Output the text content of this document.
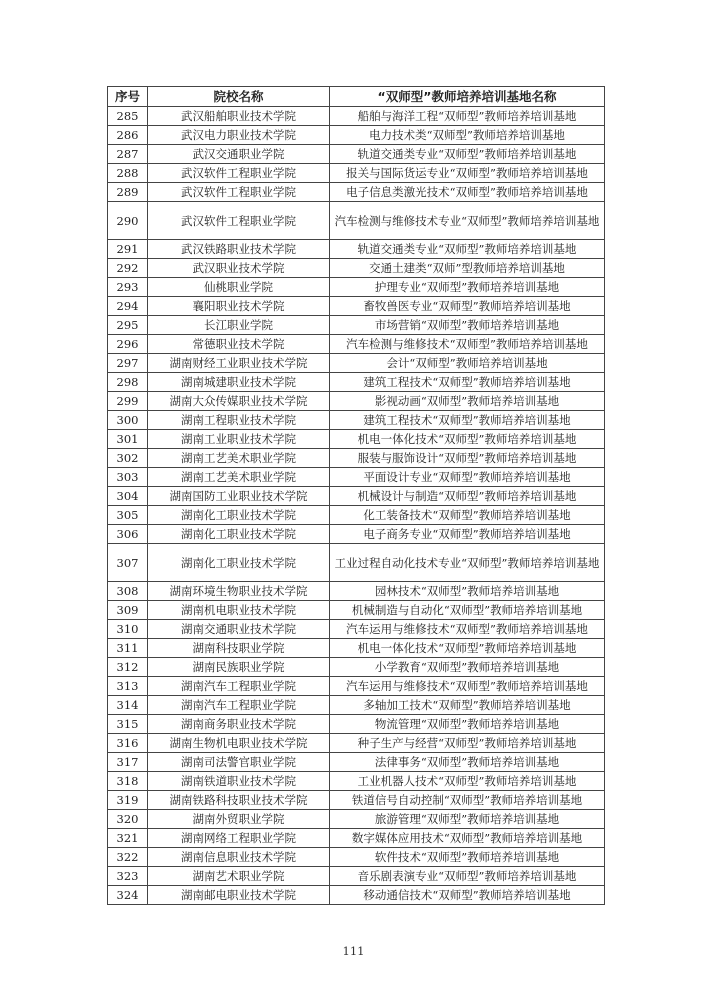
序号	院校名称	“双师型”教师培养培训基地名称
285	武汉船舶职业技术学院	船舶与海洋工程“双师型”教师培养培训基地
286	武汉电力职业技术学院	电力技术类“双师型”教师培养培训基地
287	武汉交通职业学院	轨道交通类专业“双师型”教师培养培训基地
288	武汉软件工程职业学院	报关与国际货运专业“双师型”教师培养培训基地
289	武汉软件工程职业学院	电子信息类激光技术“双师型”教师培养培训基地
290	武汉软件工程职业学院	汽车检测与维修技术专业“双师型”教师培养培训基地
291	武汉铁路职业技术学院	轨道交通类专业“双师型”教师培养培训基地
292	武汉职业技术学院	交通土建类“双师”型教师培养培训基地
293	仙桃职业学院	护理专业“双师型”教师培养培训基地
294	襄阳职业技术学院	畜牧兽医专业“双师型”教师培养培训基地
295	长江职业学院	市场营销“双师型”教师培养培训基地
296	常德职业技术学院	汽车检测与维修技术“双师型”教师培养培训基地
297	湖南财经工业职业技术学院	会计“双师型”教师培养培训基地
298	湖南城建职业技术学院	建筑工程技术“双师型”教师培养培训基地
299	湖南大众传媒职业技术学院	影视动画“双师型”教师培养培训基地
300	湖南工程职业技术学院	建筑工程技术“双师型”教师培养培训基地
301	湖南工业职业技术学院	机电一体化技术“双师型”教师培养培训基地
302	湖南工艺美术职业学院	服装与服饰设计“双师型”教师培养培训基地
303	湖南工艺美术职业学院	平面设计专业“双师型”教师培养培训基地
304	湖南国防工业职业技术学院	机械设计与制造“双师型”教师培养培训基地
305	湖南化工职业技术学院	化工装备技术“双师型”教师培养培训基地
306	湖南化工职业技术学院	电子商务专业“双师型”教师培养培训基地
307	湖南化工职业技术学院	工业过程自动化技术专业“双师型”教师培养培训基地
308	湖南环境生物职业技术学院	园林技术“双师型”教师培养培训基地
309	湖南机电职业技术学院	机械制造与自动化“双师型”教师培养培训基地
310	湖南交通职业技术学院	汽车运用与维修技术“双师型”教师培养培训基地
311	湖南科技职业学院	机电一体化技术“双师型”教师培养培训基地
312	湖南民族职业学院	小学教育“双师型”教师培养培训基地
313	湖南汽车工程职业学院	汽车运用与维修技术“双师型”教师培养培训基地
314	湖南汽车工程职业学院	多轴加工技术“双师型”教师培养培训基地
315	湖南商务职业技术学院	物流管理“双师型”教师培养培训基地
316	湖南生物机电职业技术学院	种子生产与经营“双师型”教师培养培训基地
317	湖南司法警官职业学院	法律事务“双师型”教师培养培训基地
318	湖南铁道职业技术学院	工业机器人技术“双师型”教师培养培训基地
319	湖南铁路科技职业技术学院	铁道信号自动控制“双师型”教师培养培训基地
320	湖南外贸职业学院	旅游管理“双师型”教师培养培训基地
321	湖南网络工程职业学院	数字媒体应用技术“双师型”教师培养培训基地
322	湖南信息职业技术学院	软件技术“双师型”教师培养培训基地
323	湖南艺术职业学院	音乐剧表演专业“双师型”教师培养培训基地
324	湖南邮电职业技术学院	移动通信技术“双师型”教师培养培训基地
111
